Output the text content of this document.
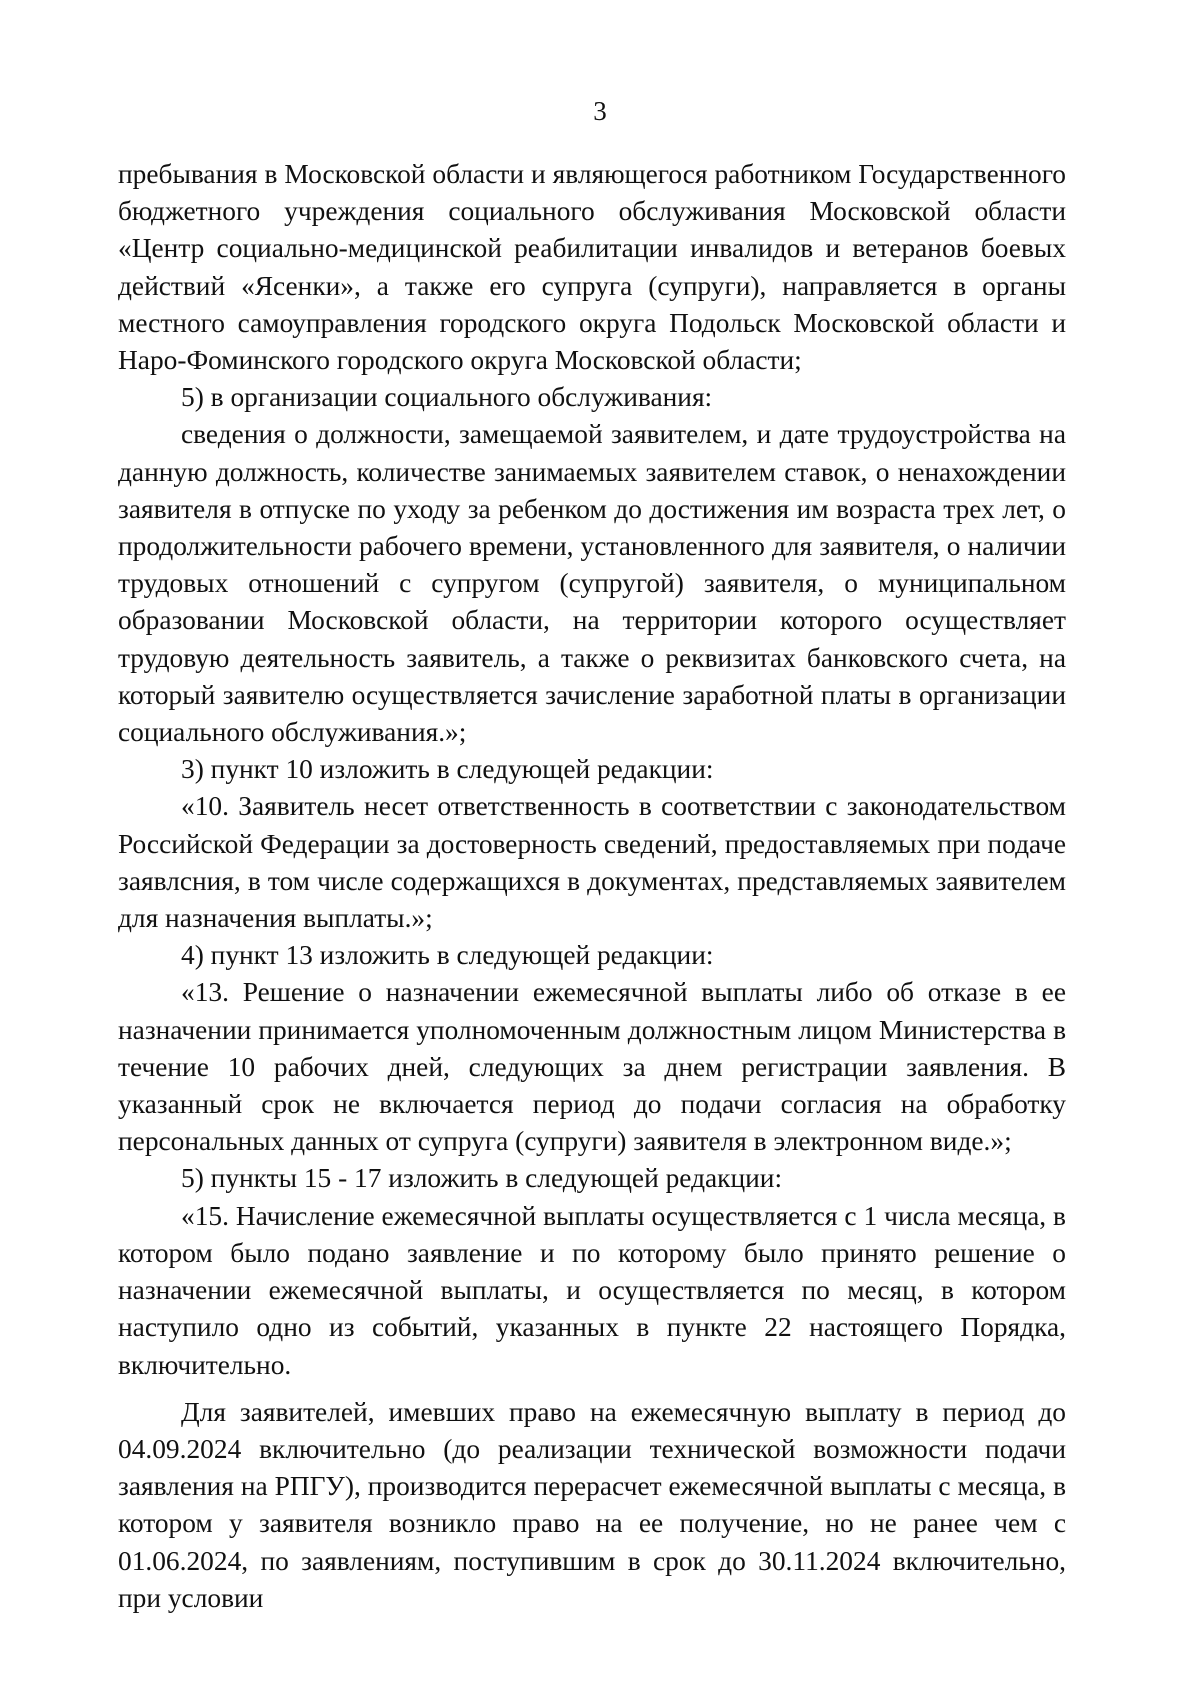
3

пребывания в Московской области и являющегося работником Государственного бюджетного учреждения социального обслуживания Московской области «Центр социально-медицинской реабилитации инвалидов и ветеранов боевых действий «Ясенки», а также его супруга (супруги), направляется в органы местного самоуправления городского округа Подольск Московской области и Наро-Фоминского городского округа Московской области;

5) в организации социального обслуживания:

сведения о должности, замещаемой заявителем, и дате трудоустройства на данную должность, количестве занимаемых заявителем ставок, о ненахождении заявителя в отпуске по уходу за ребенком до достижения им возраста трех лет, о продолжительности рабочего времени, установленного для заявителя, о наличии трудовых отношений с супругом (супругой) заявителя, о муниципальном образовании Московской области, на территории которого осуществляет трудовую деятельность заявитель, а также о реквизитах банковского счета, на который заявителю осуществляется зачисление заработной платы в организации социального обслуживания.»;

3) пункт 10 изложить в следующей редакции:

«10. Заявитель несет ответственность в соответствии с законодательством Российской Федерации за достоверность сведений, предоставляемых при подаче заявлсния, в том числе содержащихся в документах, представляемых заявителем для назначения выплаты.»;

4) пункт 13 изложить в следующей редакции:

«13. Решение о назначении ежемесячной выплаты либо об отказе в ее назначении принимается уполномоченным должностным лицом Министерства в течение 10 рабочих дней, следующих за днем регистрации заявления. В указанный срок не включается период до подачи согласия на обработку персональных данных от супруга (супруги) заявителя в электронном виде.»;

5) пункты 15 - 17 изложить в следующей редакции:

«15. Начисление ежемесячной выплаты осуществляется с 1 числа месяца, в котором было подано заявление и по которому было принято решение о назначении ежемесячной выплаты, и осуществляется по месяц, в котором наступило одно из событий, указанных в пункте 22 настоящего Порядка, включительно.

Для заявителей, имевших право на ежемесячную выплату в период до 04.09.2024 включительно (до реализации технической возможности подачи заявления на РПГУ), производится перерасчет ежемесячной выплаты с месяца, в котором у заявителя возникло право на ее получение, но не ранее чем с 01.06.2024, по заявлениям, поступившим в срок до 30.11.2024 включительно, при условии
